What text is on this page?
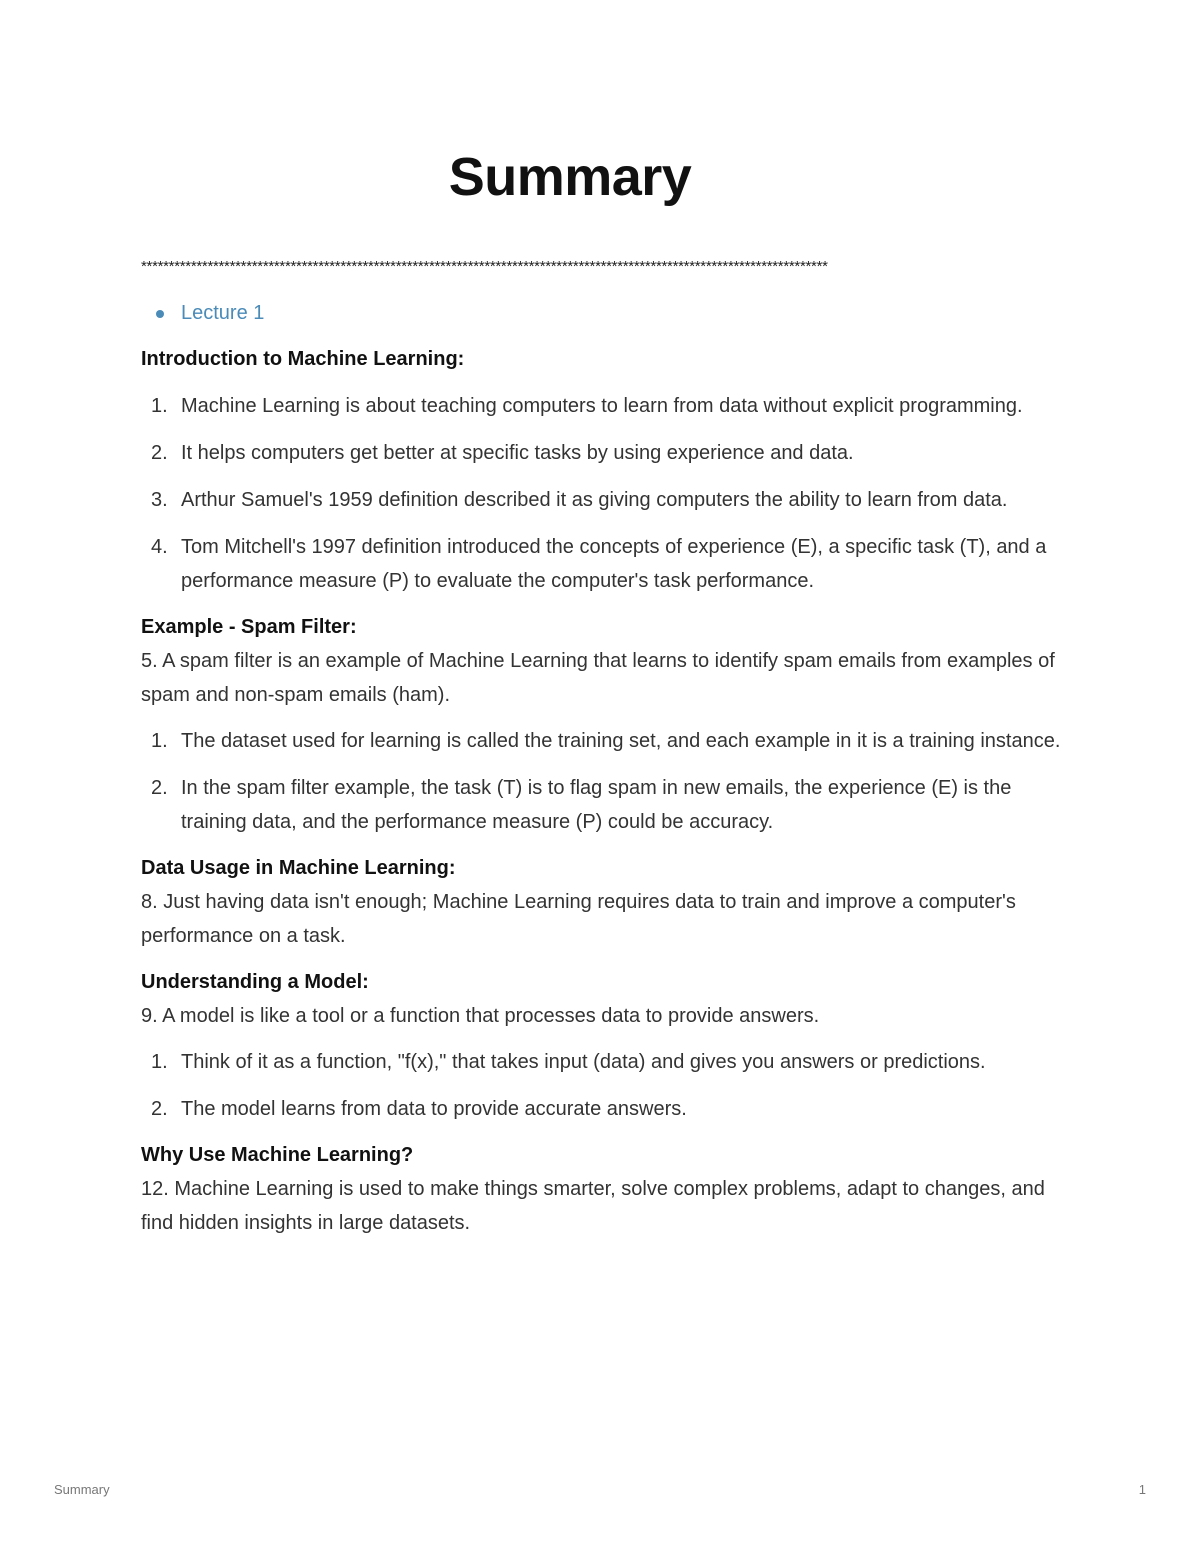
Summary
****************************************************************************************************************************
Lecture 1

Introduction to Machine Learning:

1. Machine Learning is about teaching computers to learn from data without explicit programming.
2. It helps computers get better at specific tasks by using experience and data.
3. Arthur Samuel's 1959 definition described it as giving computers the ability to learn from data.
4. Tom Mitchell's 1997 definition introduced the concepts of experience (E), a specific task (T), and a performance measure (P) to evaluate the computer's task performance.

Example - Spam Filter:

5. A spam filter is an example of Machine Learning that learns to identify spam emails from examples of spam and non-spam emails (ham).

1. The dataset used for learning is called the training set, and each example in it is a training instance.
2. In the spam filter example, the task (T) is to flag spam in new emails, the experience (E) is the training data, and the performance measure (P) could be accuracy.

Data Usage in Machine Learning:

8. Just having data isn't enough; Machine Learning requires data to train and improve a computer's performance on a task.

Understanding a Model:

9. A model is like a tool or a function that processes data to provide answers.

1. Think of it as a function, "f(x)," that takes input (data) and gives you answers or predictions.
2. The model learns from data to provide accurate answers.

Why Use Machine Learning?

12. Machine Learning is used to make things smarter, solve complex problems, adapt to changes, and find hidden insights in large datasets.

Summary	1
